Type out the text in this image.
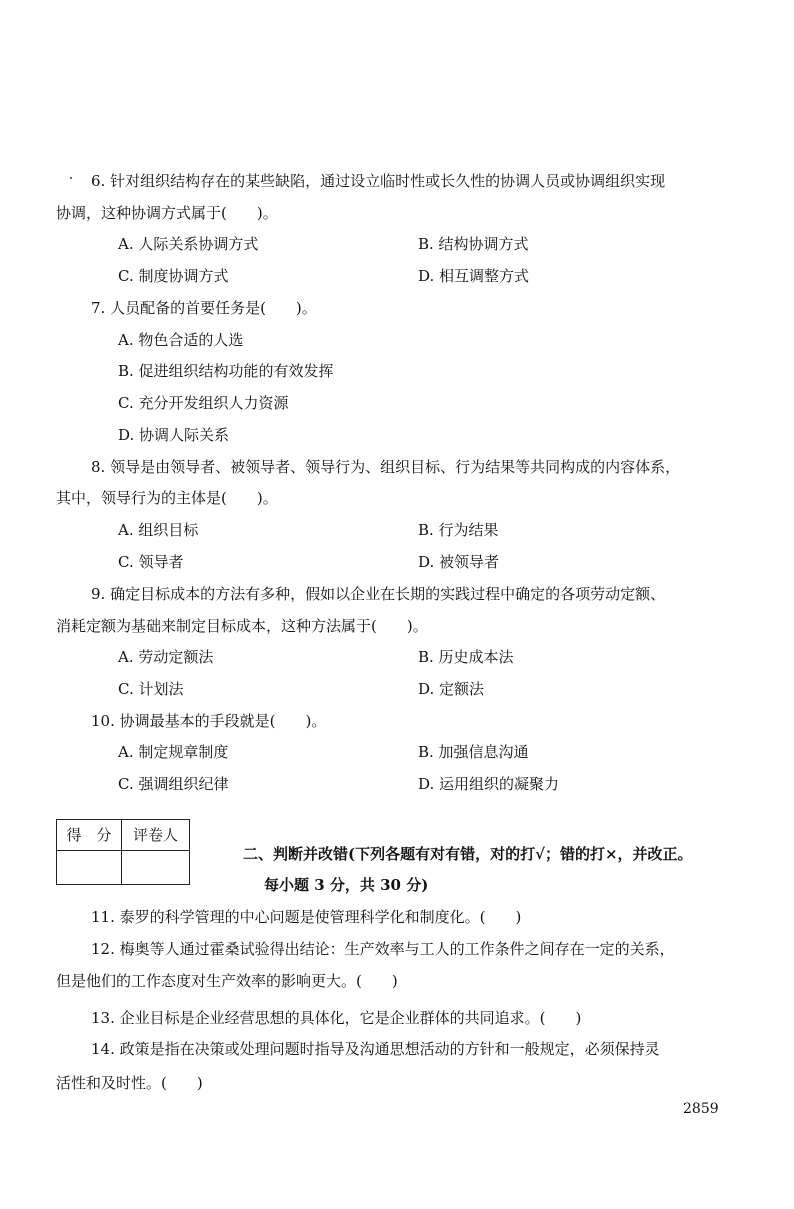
6. 针对组织结构存在的某些缺陷，通过设立临时性或长久性的协调人员或协调组织实现
协调，这种协调方式属于(　　)。
A. 人际关系协调方式	B. 结构协调方式
C. 制度协调方式	D. 相互调整方式
7. 人员配备的首要任务是(　　)。
A. 物色合适的人选
B. 促进组织结构功能的有效发挥
C. 充分开发组织人力资源
D. 协调人际关系
8. 领导是由领导者、被领导者、领导行为、组织目标、行为结果等共同构成的内容体系，
其中，领导行为的主体是(　　)。
A. 组织目标	B. 行为结果
C. 领导者	D. 被领导者
9. 确定目标成本的方法有多种，假如以企业在长期的实践过程中确定的各项劳动定额、
消耗定额为基础来制定目标成本，这种方法属于(　　)。
A. 劳动定额法	B. 历史成本法
C. 计划法	D. 定额法
10. 协调最基本的手段就是(　　)。
A. 制定规章制度	B. 加强信息沟通
C. 强调组织纪律	D. 运用组织的凝聚力
得　分	评卷人

二、判断并改错(下列各题有对有错，对的打√；错的打×，并改正。
每小题 3 分，共 30 分)
11. 泰罗的科学管理的中心问题是使管理科学化和制度化。(　　)
12. 梅奥等人通过霍桑试验得出结论：生产效率与工人的工作条件之间存在一定的关系，
但是他们的工作态度对生产效率的影响更大。(　　)
13. 企业目标是企业经营思想的具体化，它是企业群体的共同追求。(　　)
14. 政策是指在决策或处理问题时指导及沟通思想活动的方针和一般规定，必须保持灵
活性和及时性。(　　)
2859
